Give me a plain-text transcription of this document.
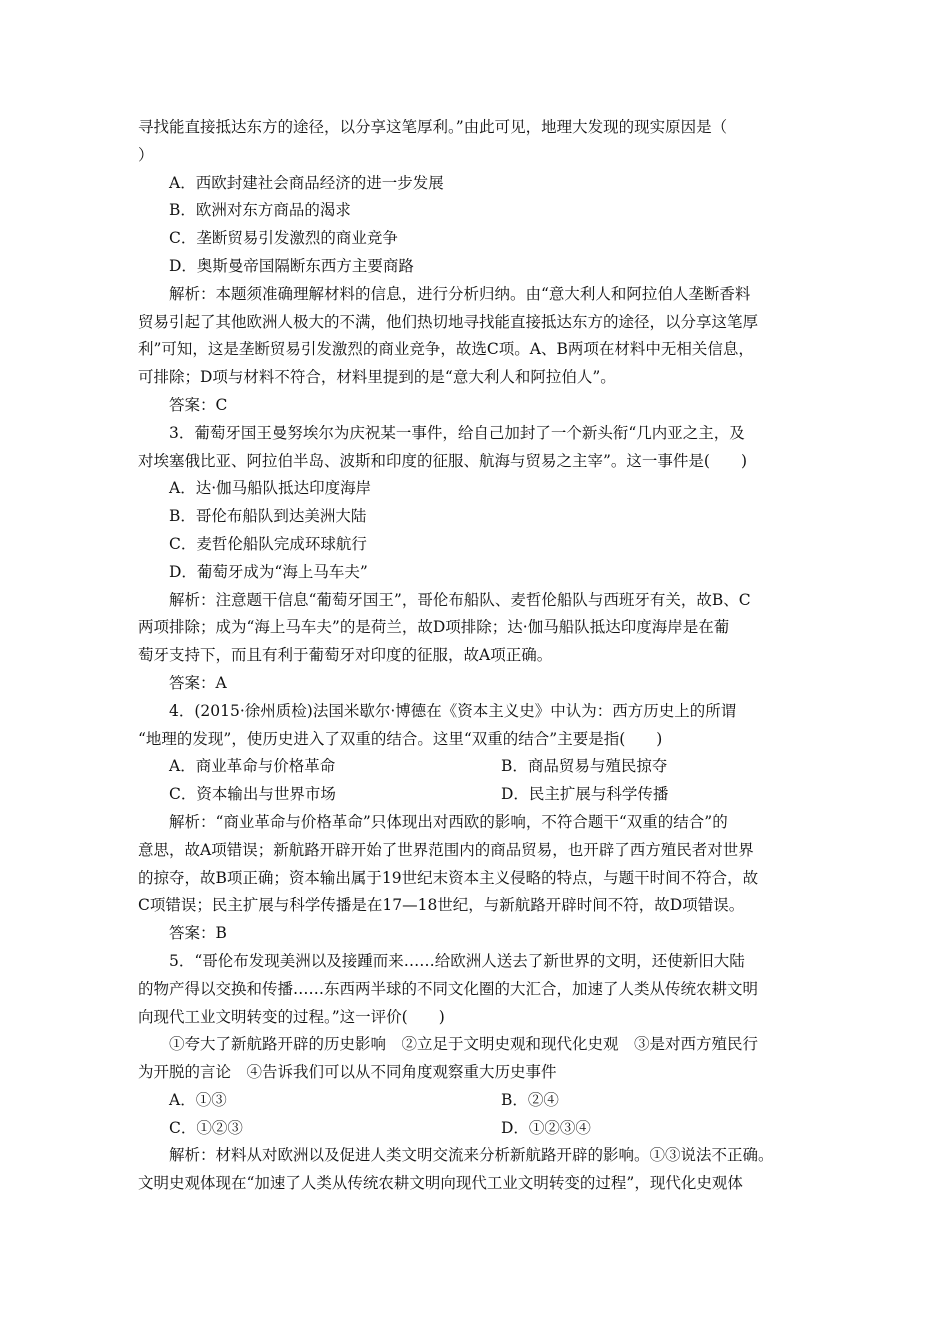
寻找能直接抵达东方的途径，以分享这笔厚利。”由此可见，地理大发现的现实原因是（
）
A．西欧封建社会商品经济的进一步发展
B．欧洲对东方商品的渴求
C．垄断贸易引发激烈的商业竞争
D．奥斯曼帝国隔断东西方主要商路
解析：本题须准确理解材料的信息，进行分析归纳。由“意大利人和阿拉伯人垄断香料
贸易引起了其他欧洲人极大的不满，他们热切地寻找能直接抵达东方的途径，以分享这笔厚
利”可知，这是垄断贸易引发激烈的商业竞争，故选C项。A、B两项在材料中无相关信息，
可排除；D项与材料不符合，材料里提到的是“意大利人和阿拉伯人”。
答案：C
3．葡萄牙国王曼努埃尔为庆祝某一事件，给自己加封了一个新头衔“几内亚之主，及
对埃塞俄比亚、阿拉伯半岛、波斯和印度的征服、航海与贸易之主宰”。这一事件是(　　)
A．达·伽马船队抵达印度海岸
B．哥伦布船队到达美洲大陆
C．麦哲伦船队完成环球航行
D．葡萄牙成为“海上马车夫”
解析：注意题干信息“葡萄牙国王”，哥伦布船队、麦哲伦船队与西班牙有关，故B、C
两项排除；成为“海上马车夫”的是荷兰，故D项排除；达·伽马船队抵达印度海岸是在葡
萄牙支持下，而且有利于葡萄牙对印度的征服，故A项正确。
答案：A
4．(2015·徐州质检)法国米歇尔·博德在《资本主义史》中认为：西方历史上的所谓
“地理的发现”，使历史进入了双重的结合。这里“双重的结合”主要是指(　　)
A．商业革命与价格革命	B．商品贸易与殖民掠夺
C．资本输出与世界市场	D．民主扩展与科学传播
解析：“商业革命与价格革命”只体现出对西欧的影响，不符合题干“双重的结合”的
意思，故A项错误；新航路开辟开始了世界范围内的商品贸易，也开辟了西方殖民者对世界
的掠夺，故B项正确；资本输出属于19世纪末资本主义侵略的特点，与题干时间不符合，故
C项错误；民主扩展与科学传播是在17—18世纪，与新航路开辟时间不符，故D项错误。
答案：B
5．“哥伦布发现美洲以及接踵而来……给欧洲人送去了新世界的文明，还使新旧大陆
的物产得以交换和传播……东西两半球的不同文化圈的大汇合，加速了人类从传统农耕文明
向现代工业文明转变的过程。”这一评价(　　)
①夸大了新航路开辟的历史影响　②立足于文明史观和现代化史观　③是对西方殖民行
为开脱的言论　④告诉我们可以从不同角度观察重大历史事件
A．①③	B．②④
C．①②③	D．①②③④
解析：材料从对欧洲以及促进人类文明交流来分析新航路开辟的影响。①③说法不正确。
文明史观体现在“加速了人类从传统农耕文明向现代工业文明转变的过程”，现代化史观体
